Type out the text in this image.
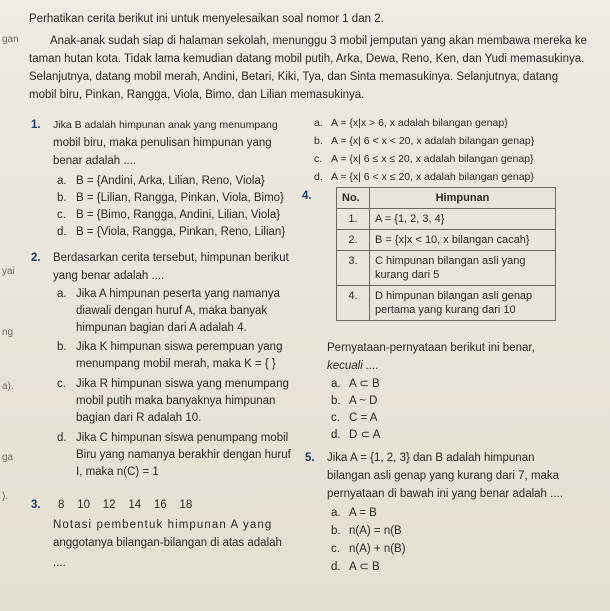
gan
yai
ng
a).
ga
).
Perhatikan cerita berikut ini untuk menyelesaikan soal nomor 1 dan 2.
Anak-anak sudah siap di halaman sekolah, menunggu 3 mobil jemputan yang akan membawa mereka ke
taman hutan kota. Tidak lama kemudian datang mobil putih, Arka, Dewa, Reno, Ken, dan Yudi memasukinya.
Selanjutnya, datang mobil merah, Andini, Betari, Kiki, Tya, dan Sinta memasukinya. Selanjutnya, datang
mobil biru, Pinkan, Rangga, Viola, Bimo, dan Lilian memasukinya.
1. Jika B adalah himpunan anak yang menumpang
mobil biru, maka penulisan himpunan yang
benar adalah ....
a. B = {Andini, Arka, Lilian, Reno, Viola}
b. B = {Lilian, Rangga, Pinkan, Viola, Bimo}
c. B = {Bimo, Rangga, Andini, Lilian, Viola}
d. B = {Viola, Rangga, Pinkan, Reno, Lilian}
2. Berdasarkan cerita tersebut, himpunan berikut
yang benar adalah ....
a. Jika A himpunan peserta yang namanya
diawali dengan huruf A, maka banyak
himpunan bagian dari A adalah 4.
b. Jika K himpunan siswa perempuan yang
menumpang mobil merah, maka K = { }
c. Jika R himpunan siswa yang menumpang
mobil putih maka banyaknya himpunan
bagian dari R adalah 10.
d. Jika C himpunan siswa penumpang mobil
Biru yang namanya berakhir dengan huruf
I, maka n(C) = 1
3. 8    10    12    14    16    18
Notasi pembentuk himpunan A yang
anggotanya bilangan-bilangan di atas adalah
....
a. A = {x|x > 6, x adalah bilangan genap}
b. A = {x| 6 < x < 20, x adalah bilangan genap}
c. A = {x| 6 ≤ x ≤ 20, x adalah bilangan genap}
d. A = {x| 6 < x ≤ 20, x adalah bilangan genap}
4.	No.	Himpunan
1.	A = {1, 2, 3, 4}
2.	B = {x|x < 10, x bilangan cacah}
3.	C himpunan bilangan asli yang kurang dari 5
4.	D himpunan bilangan asli genap pertama yang kurang dari 10
Pernyataan-pernyataan berikut ini benar,
kecuali ....
a. A ⊂ B
b. A ~ D
c. C = A
d. D ⊂ A
5. Jika A = {1, 2, 3} dan B adalah himpunan
bilangan asli genap yang kurang dari 7, maka
pernyataan di bawah ini yang benar adalah ....
a. A = B
b. n(A) = n(B
c. n(A) + n(B)
d. A ⊂ B
